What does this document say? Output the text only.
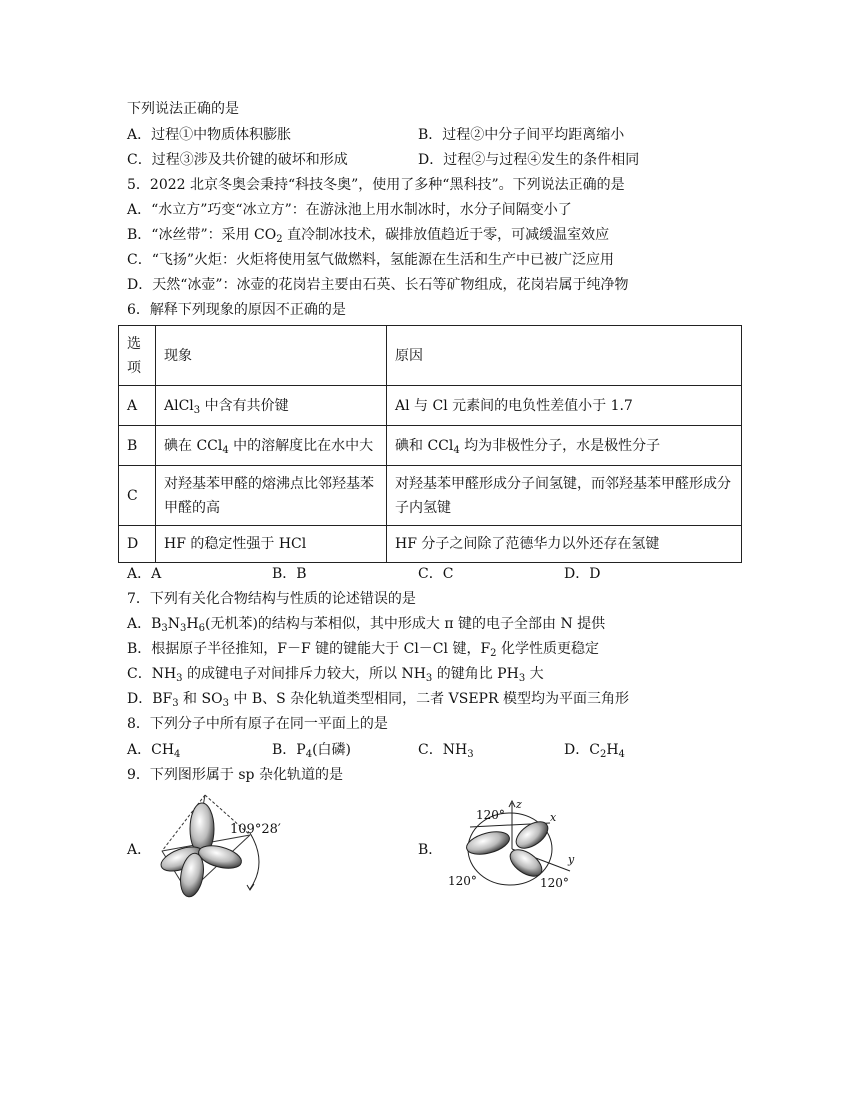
下列说法正确的是
A．过程①中物质体积膨胀	B．过程②中分子间平均距离缩小
C．过程③涉及共价键的破坏和形成	D．过程②与过程④发生的条件相同
5．2022 北京冬奥会秉持“科技冬奥”，使用了多种“黑科技”。下列说法正确的是
A．“水立方”巧变“冰立方”：在游泳池上用水制冰时，水分子间隔变小了
B．“冰丝带”：采用 $CO_2$ 直冷制冰技术，碳排放值趋近于零，可减缓温室效应
C．“飞扬”火炬：火炬将使用氢气做燃料，氢能源在生活和生产中已被广泛应用
D．天然“冰壶”：冰壶的花岗岩主要由石英、长石等矿物组成，花岗岩属于纯净物
6．解释下列现象的原因不正确的是
选项	现象	原因
A	AlCl$_3$ 中含有共价键	Al 与 Cl 元素间的电负性差值小于 1.7
B	碘在 CCl$_4$ 中的溶解度比在水中大	碘和 CCl$_4$ 均为非极性分子，水是极性分子
C	对羟基苯甲醛的熔沸点比邻羟基苯甲醛的高	对羟基苯甲醛形成分子间氢键，而邻羟基苯甲醛形成分子内氢键
D	HF 的稳定性强于 HCl	HF 分子之间除了范德华力以外还存在氢键
A．A	B．B	C．C	D．D
7．下列有关化合物结构与性质的论述错误的是
A．$B_3N_3H_6$(无机苯)的结构与苯相似，其中形成大 π 键的电子全部由 N 提供
B．根据原子半径推知，F－F 键的键能大于 Cl－Cl 键，$F_2$ 化学性质更稳定
C．$NH_3$ 的成键电子对间排斥力较大，所以 $NH_3$ 的键角比 $PH_3$ 大
D．$BF_3$ 和 $SO_3$ 中 B、S 杂化轨道类型相同，二者 VSEPR 模型均为平面三角形
8．下列分子中所有原子在同一平面上的是
A．$CH_4$	B．$P_4$(白磷)	C．$NH_3$	D．$C_2H_4$
9．下列图形属于 sp 杂化轨道的是
A．
109°28′
B．
z
x
y
120°
120°	120°
